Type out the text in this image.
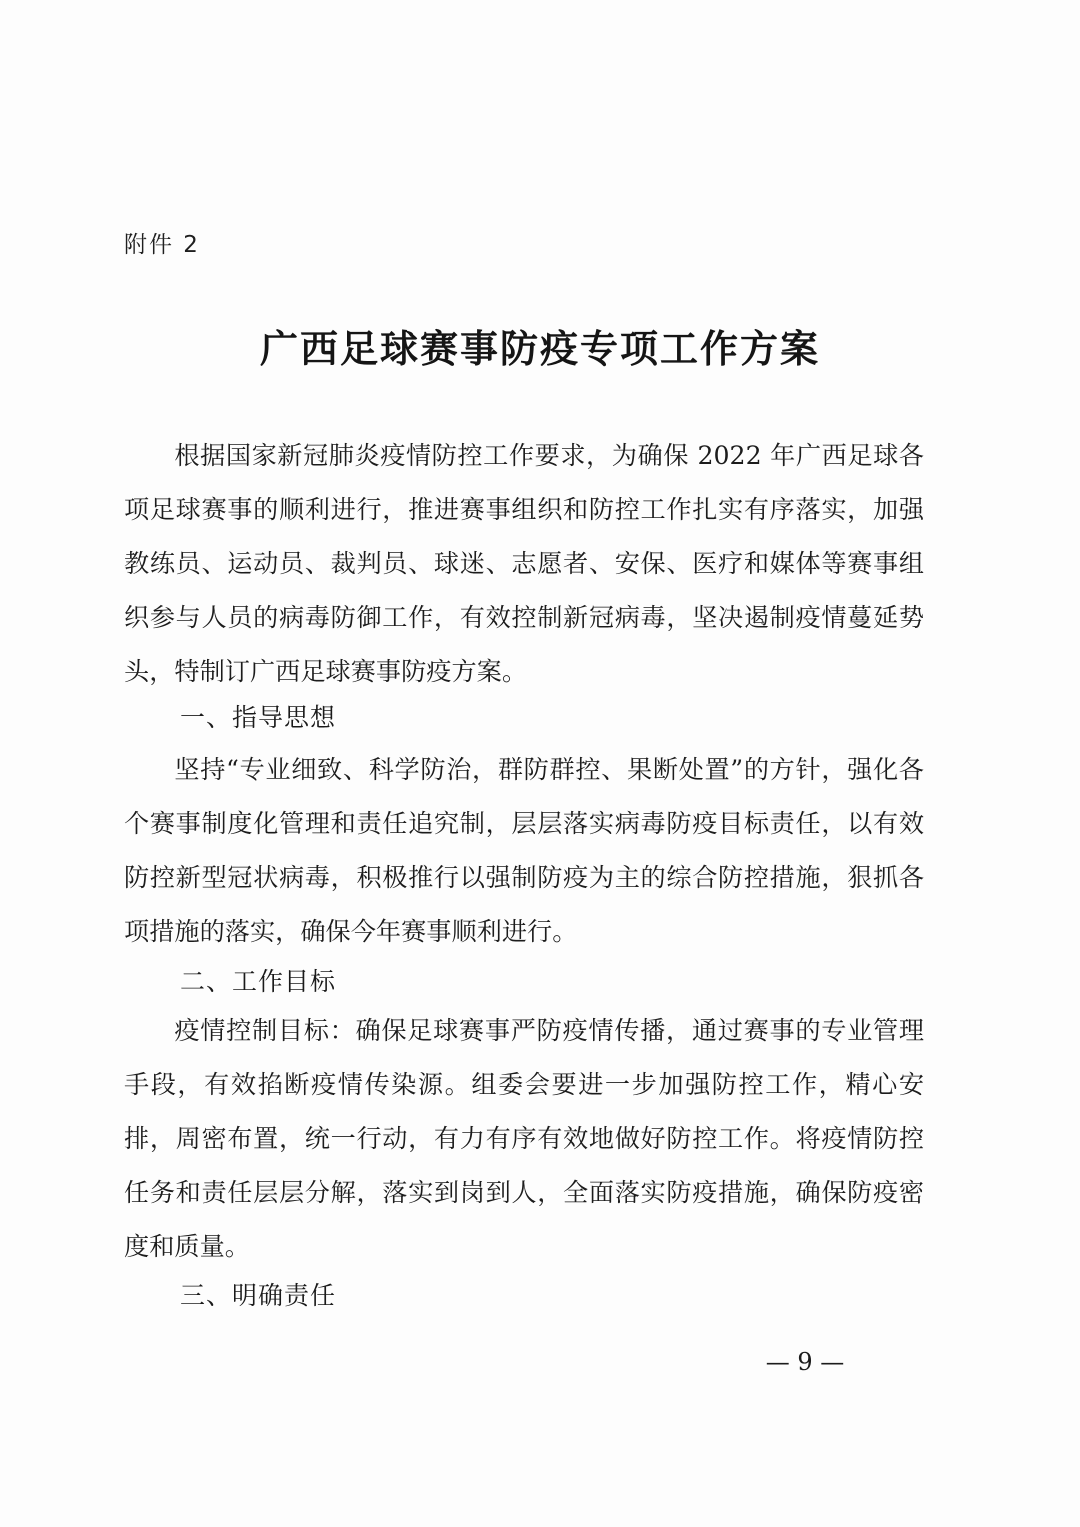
附件 2
广西足球赛事防疫专项工作方案

根据国家新冠肺炎疫情防控工作要求，为确保 2022 年广西足球各项足球赛事的顺利进行，推进赛事组织和防控工作扎实有序落实，加强教练员、运动员、裁判员、球迷、志愿者、安保、医疗和媒体等赛事组织参与人员的病毒防御工作，有效控制新冠病毒，坚决遏制疫情蔓延势头，特制订广西足球赛事防疫方案。

一、指导思想

坚持“专业细致、科学防治，群防群控、果断处置”的方针，强化各个赛事制度化管理和责任追究制，层层落实病毒防疫目标责任，以有效防控新型冠状病毒，积极推行以强制防疫为主的综合防控措施，狠抓各项措施的落实，确保今年赛事顺利进行。

二、工作目标

疫情控制目标：确保足球赛事严防疫情传播，通过赛事的专业管理手段，有效掐断疫情传染源。组委会要进一步加强防控工作，精心安排，周密布置，统一行动，有力有序有效地做好防控工作。将疫情防控任务和责任层层分解，落实到岗到人，全面落实防疫措施，确保防疫密度和质量。

三、明确责任
— 9 —
